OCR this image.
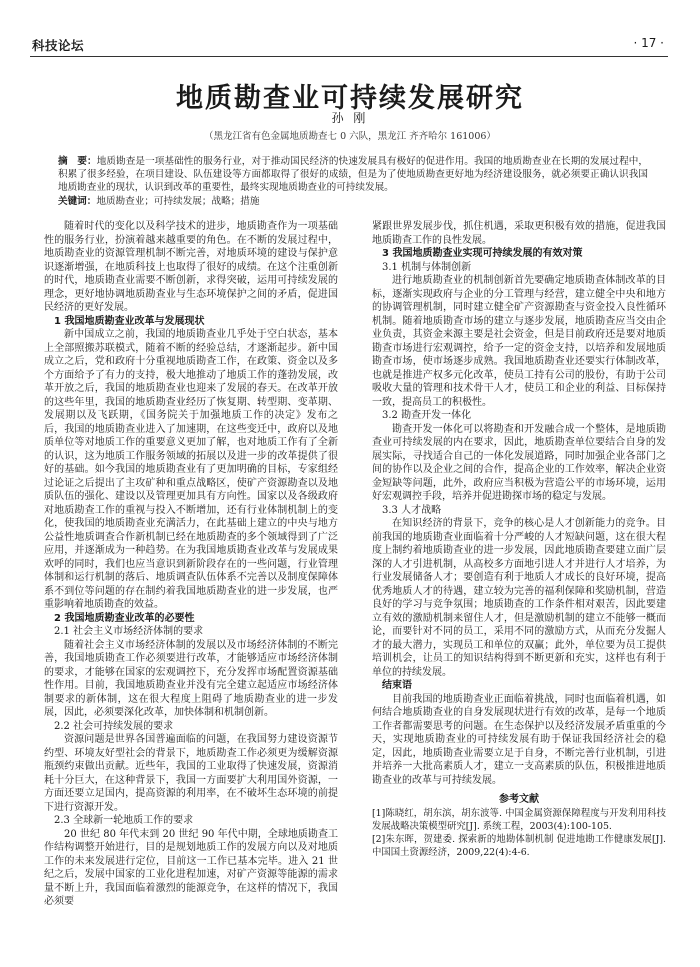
科技论坛	· 17 ·
地质勘查业可持续发展研究
孙 刚
（黑龙江省有色金属地质勘查七 0 六队，黑龙江 齐齐哈尔 161006）

摘　要：地质勘查是一项基础性的服务行业，对于推动国民经济的快速发展具有极好的促进作用。我国的地质勘查业在长期的发展过程中，积累了很多经验，在项目建设、队伍建设等方面都取得了很好的成绩，但是为了使地质勘查更好地为经济建设服务，就必须要正确认识我国地质勘查业的现状，认识到改革的重要性，最终实现地质勘查业的可持续发展。

关键词：地质勘查业；可持续发展；战略；措施

随着时代的变化以及科学技术的进步，地质勘查作为一项基础性的服务行业，扮演着越来越重要的角色。在不断的发展过程中，地质勘查业的资源管理机制不断完善，对地质环境的建设与保护意识逐渐增强，在地质科技上也取得了很好的成绩。在这个注重创新的时代，地质勘查业需要不断创新，求得突破，运用可持续发展的理念，更好地协调地质勘查业与生态环境保护之间的矛盾，促进国民经济的更好发展。

1 我国地质勘查业改革与发展现状

新中国成立之前，我国的地质勘查业几乎处于空白状态，基本上全部照搬苏联模式，随着不断的经验总结，才逐渐起步。新中国成立之后，党和政府十分重视地质勘查工作，在政策、资金以及多个方面给予了有力的支持，极大地推动了地质工作的蓬勃发展，改革开放之后，我国的地质勘查业也迎来了发展的春天。在改革开放的这些年里，我国的地质勘查业经历了恢复期、转型期、变革期、发展期以及飞跃期，《国务院关于加强地质工作的决定》发布之后，我国的地质勘查业进入了加速期，在这些变迁中，政府以及地质单位等对地质工作的重要意义更加了解，也对地质工作有了全新的认识，这为地质工作服务领域的拓展以及进一步的改革提供了很好的基础。如今我国的地质勘查业有了更加明确的目标，专家组经过论证之后提出了主攻矿种和重点战略区，使矿产资源勘查以及地质队伍的强化、建设以及管理更加具有方向性。国家以及各级政府对地质勘查工作的重视与投入不断增加，还有行业体制机制上的变化，使我国的地质勘查业充满活力，在此基础上建立的中央与地方公益性地质调查合作新机制已经在地质勘查的多个领域得到了广泛应用，并逐渐成为一种趋势。在为我国地质勘查业改革与发展成果欢呼的同时，我们也应当意识到新阶段存在的一些问题，行业管理体制和运行机制的落后、地质调查队伍体系不完善以及制度保障体系不到位等问题的存在制约着我国地质勘查业的进一步发展，也严重影响着地质勘查的效益。

2 我国地质勘查业改革的必要性

2.1 社会主义市场经济体制的要求

随着社会主义市场经济体制的发展以及市场经济体制的不断完善，我国地质勘查工作必须要进行改革，才能够适应市场经济体制的要求，才能够在国家的宏观调控下，充分发挥市场配置资源基础性作用。目前，我国地质勘查业并没有完全建立起适应市场经济体制要求的新体制，这在很大程度上阻碍了地质勘查业的进一步发展，因此，必须要深化改革，加快体制和机制创新。

2.2 社会可持续发展的要求

资源问题是世界各国普遍面临的问题，在我国努力建设资源节约型、环境友好型社会的背景下，地质勘查工作必须更为缓解资源瓶颈约束做出贡献。近些年，我国的工业取得了快速发展，资源消耗十分巨大，在这种背景下，我国一方面要扩大利用国外资源，一方面还要立足国内，提高资源的利用率，在不破坏生态环境的前提下进行资源开发。

2.3 全球新一轮地质工作的要求

20 世纪 80 年代末到 20 世纪 90 年代中期，全球地质勘查工作结构调整开始进行，目的是规划地质工作的发展方向以及对地质工作的未来发展进行定位，目前这一工作已基本完毕。进入 21 世纪之后，发展中国家的工业化进程加速，对矿产资源等能源的需求量不断上升，我国面临着激烈的能源竞争，在这样的情况下，我国必须要

紧跟世界发展步伐，抓住机遇，采取更积极有效的措施，促进我国地质勘查工作的良性发展。

3 我国地质勘查业实现可持续发展的有效对策

3.1 机制与体制创新

进行地质勘查业的机制创新首先要确定地质勘查体制改革的目标，逐渐实现政府与企业的分工管理与经营，建立健全中央和地方的协调管理机制，同时建立健全矿产资源勘查与资金投入良性循环机制。随着地质勘查市场的建立与逐步发展，地质勘查应当交由企业负责，其资金来源主要是社会资金，但是目前政府还是要对地质勘查市场进行宏观调控，给予一定的资金支持，以培养和发展地质勘查市场，使市场逐步成熟。我国地质勘查业还要实行体制改革，也就是推进产权多元化改革，使员工持有公司的股份，有助于公司吸收大量的管理和技术骨干人才，使员工和企业的利益、目标保持一致，提高员工的积极性。

3.2 勘查开发一体化

勘查开发一体化可以将勘查和开发融合成一个整体，是地质勘查业可持续发展的内在要求，因此，地质勘查单位要结合自身的发展实际，寻找适合自己的一体化发展道路，同时加强企业各部门之间的协作以及企业之间的合作，提高企业的工作效率，解决企业资金短缺等问题，此外，政府应当积极为营造公平的市场环境，运用好宏观调控手段，培养并促进勘探市场的稳定与发展。

3.3 人才战略

在知识经济的背景下，竞争的核心是人才创新能力的竞争。目前我国的地质勘查业面临着十分严峻的人才短缺问题，这在很大程度上制约着地质勘查业的进一步发展，因此地质勘查要建立面广层深的人才引进机制，从高校多方面地引进人才并进行人才培养，为行业发展储备人才；要创造有利于地质人才成长的良好环境，提高优秀地质人才的待遇，建立较为完善的福利保障和奖励机制，营造良好的学习与竞争氛围；地质勘查的工作条件相对艰苦，因此要建立有效的激励机制来留住人才，但是激励机制的建立不能够一概而论，而要针对不同的员工，采用不同的激励方式，从而充分发掘人才的最大潜力，实现员工和单位的双赢；此外，单位要为员工提供培训机会，让员工的知识结构得到不断更新和充实，这样也有利于单位的持续发展。

结束语

目前我国的地质勘查业正面临着挑战，同时也面临着机遇，如何结合地质勘查业的自身发展现状进行有效的改革，是每一个地质工作者都需要思考的问题。在生态保护以及经济发展矛盾重重的今天，实现地质勘查业的可持续发展有助于保证我国经济社会的稳定，因此，地质勘查业需要立足于自身，不断完善行业机制，引进并培养一大批高素质人才，建立一支高素质的队伍，积极推进地质勘查业的改革与可持续发展。

参考文献

[1]陈晓红，胡东滨，胡东波等. 中国金属资源保障程度与开发利用科技发展战略决策模型研究[J]. 系统工程，2003(4):100-105.

[2]朱东晖，贺建委. 探索新的地勘体制机制 促进地勘工作健康发展[J]. 中国国土资源经济，2009,22(4):4-6.
